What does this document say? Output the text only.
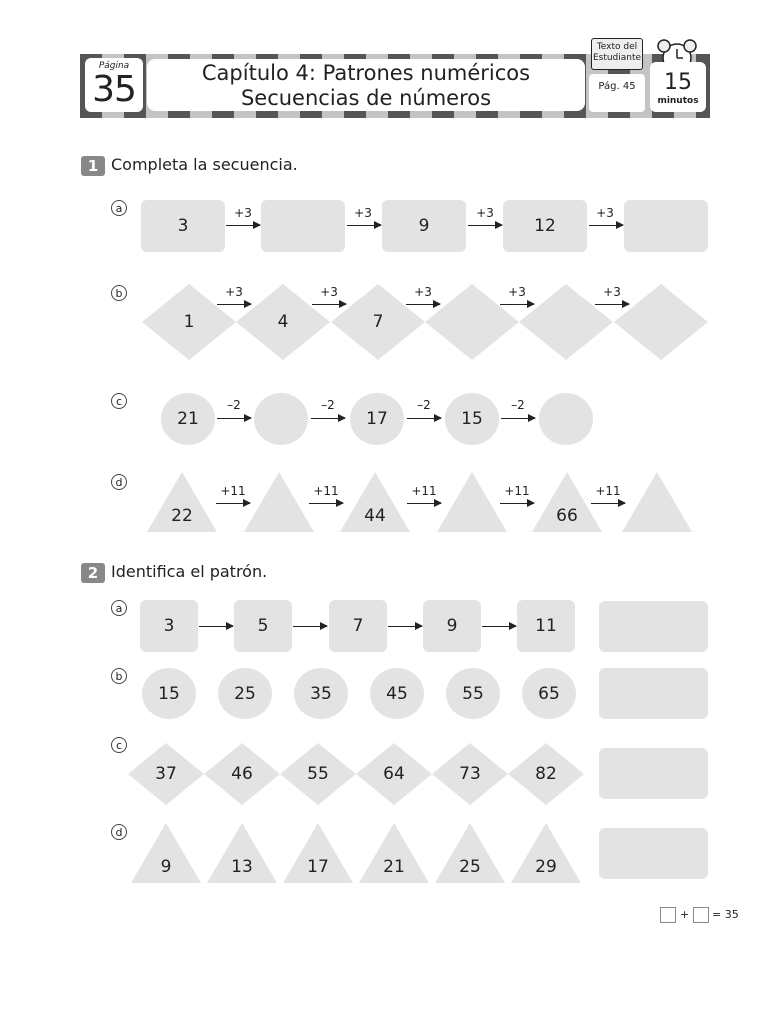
Página
35	Capítulo 4: Patrones numéricos
Secuencias de números
Texto del Estudiante
Pág. 45	15
minutos
1 Completa la secuencia.
a
3	9	12
+3	+3	+3	+3
b
1	4	7
+3	+3	+3	+3	+3
c
21	17	15
–2	–2	–2	–2
d
22	44	66
+11	+11	+11	+11	+11
2 Identifica el patrón.
a
3	5	7	9	11
b
15	25	35	45	55	65
c
37	46	55	64	73	82
d
9	13	17	21	25	29
+ = 35
